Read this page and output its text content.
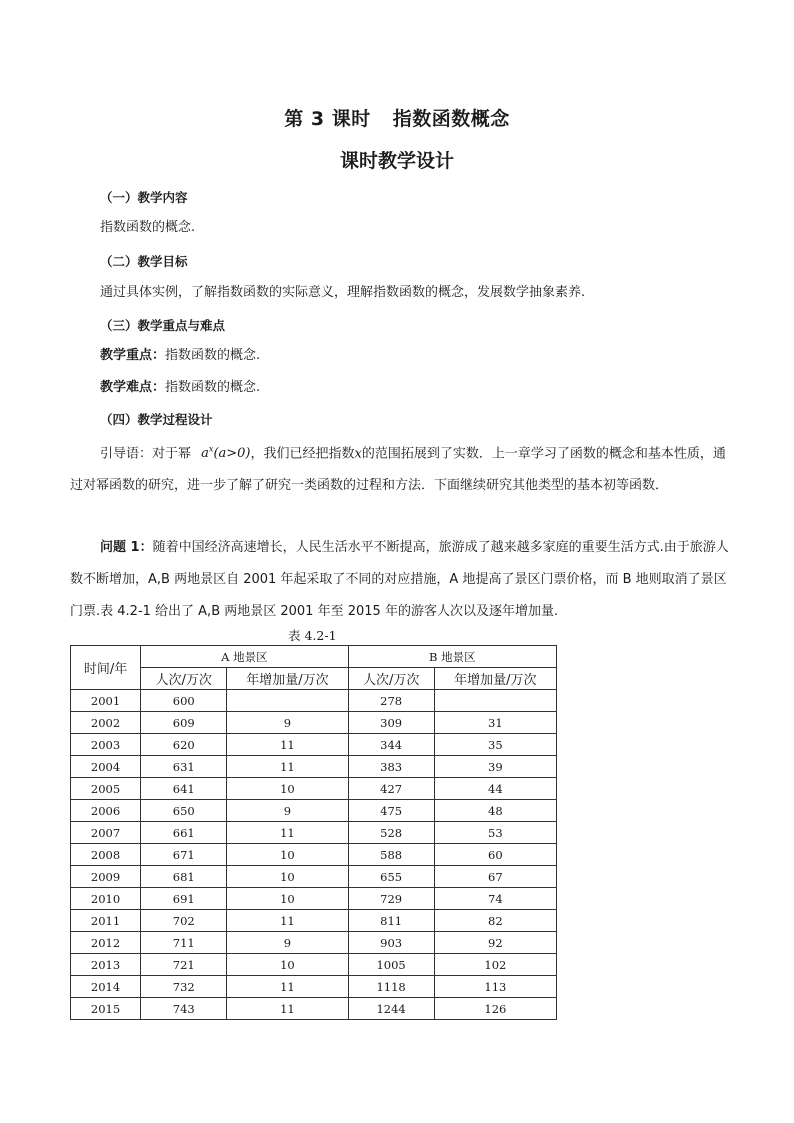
第 3 课时 指数函数概念
课时教学设计
（一）教学内容
指数函数的概念.
（二）教学目标
通过具体实例，了解指数函数的实际意义，理解指数函数的概念，发展数学抽象素养.
（三）教学重点与难点
教学重点：指数函数的概念.
教学难点：指数函数的概念.
（四）教学过程设计
引导语：对于幂 $a^x(a>0)$，我们已经把指数x的范围拓展到了实数．上一章学习了函数的概念和基本性质，通过对幂函数的研究，进一步了解了研究一类函数的过程和方法．下面继续研究其他类型的基本初等函数．
问题 1：随着中国经济高速增长，人民生活水平不断提高，旅游成了越来越多家庭的重要生活方式.由于旅游人数不断增加，A,B 两地景区自 2001 年起采取了不同的对应措施，A 地提高了景区门票价格，而 B 地则取消了景区门票.表 4.2-1 给出了 A,B 两地景区 2001 年至 2015 年的游客人次以及逐年增加量.
表 4.2-1
时间/年	A 地景区		B 地景区	
	人次/万次	年增加量/万次	人次/万次	年增加量/万次
2001	600		278	
2002	609	9	309	31
2003	620	11	344	35
2004	631	11	383	39
2005	641	10	427	44
2006	650	9	475	48
2007	661	11	528	53
2008	671	10	588	60
2009	681	10	655	67
2010	691	10	729	74
2011	702	11	811	82
2012	711	9	903	92
2013	721	10	1005	102
2014	732	11	1118	113
2015	743	11	1244	126
